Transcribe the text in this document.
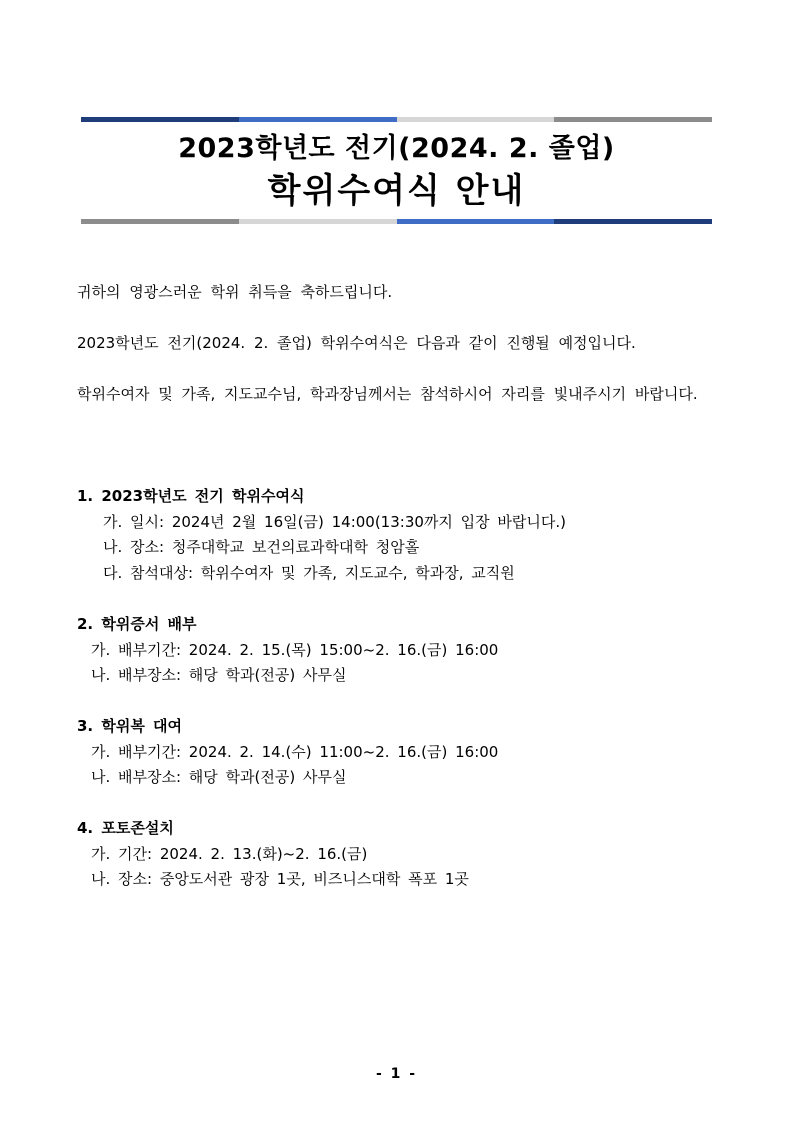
2023학년도 전기(2024. 2. 졸업)
학위수여식 안내

귀하의 영광스러운 학위 취득을 축하드립니다.

2023학년도 전기(2024. 2. 졸업) 학위수여식은 다음과 같이 진행될 예정입니다.

학위수여자 및 가족, 지도교수님, 학과장님께서는 참석하시어 자리를 빛내주시기 바랍니다.

1. 2023학년도 전기 학위수여식
가. 일시: 2024년 2월 16일(금) 14:00(13:30까지 입장 바랍니다.)
나. 장소: 청주대학교 보건의료과학대학 청암홀
다. 참석대상: 학위수여자 및 가족, 지도교수, 학과장, 교직원
2. 학위증서 배부
가. 배부기간: 2024. 2. 15.(목) 15:00~2. 16.(금) 16:00
나. 배부장소: 해당 학과(전공) 사무실
3. 학위복 대여
가. 배부기간: 2024. 2. 14.(수) 11:00~2. 16.(금) 16:00
나. 배부장소: 해당 학과(전공) 사무실
4. 포토존설치
가. 기간: 2024. 2. 13.(화)~2. 16.(금)
나. 장소: 중앙도서관 광장 1곳, 비즈니스대학 폭포 1곳
- 1 -
